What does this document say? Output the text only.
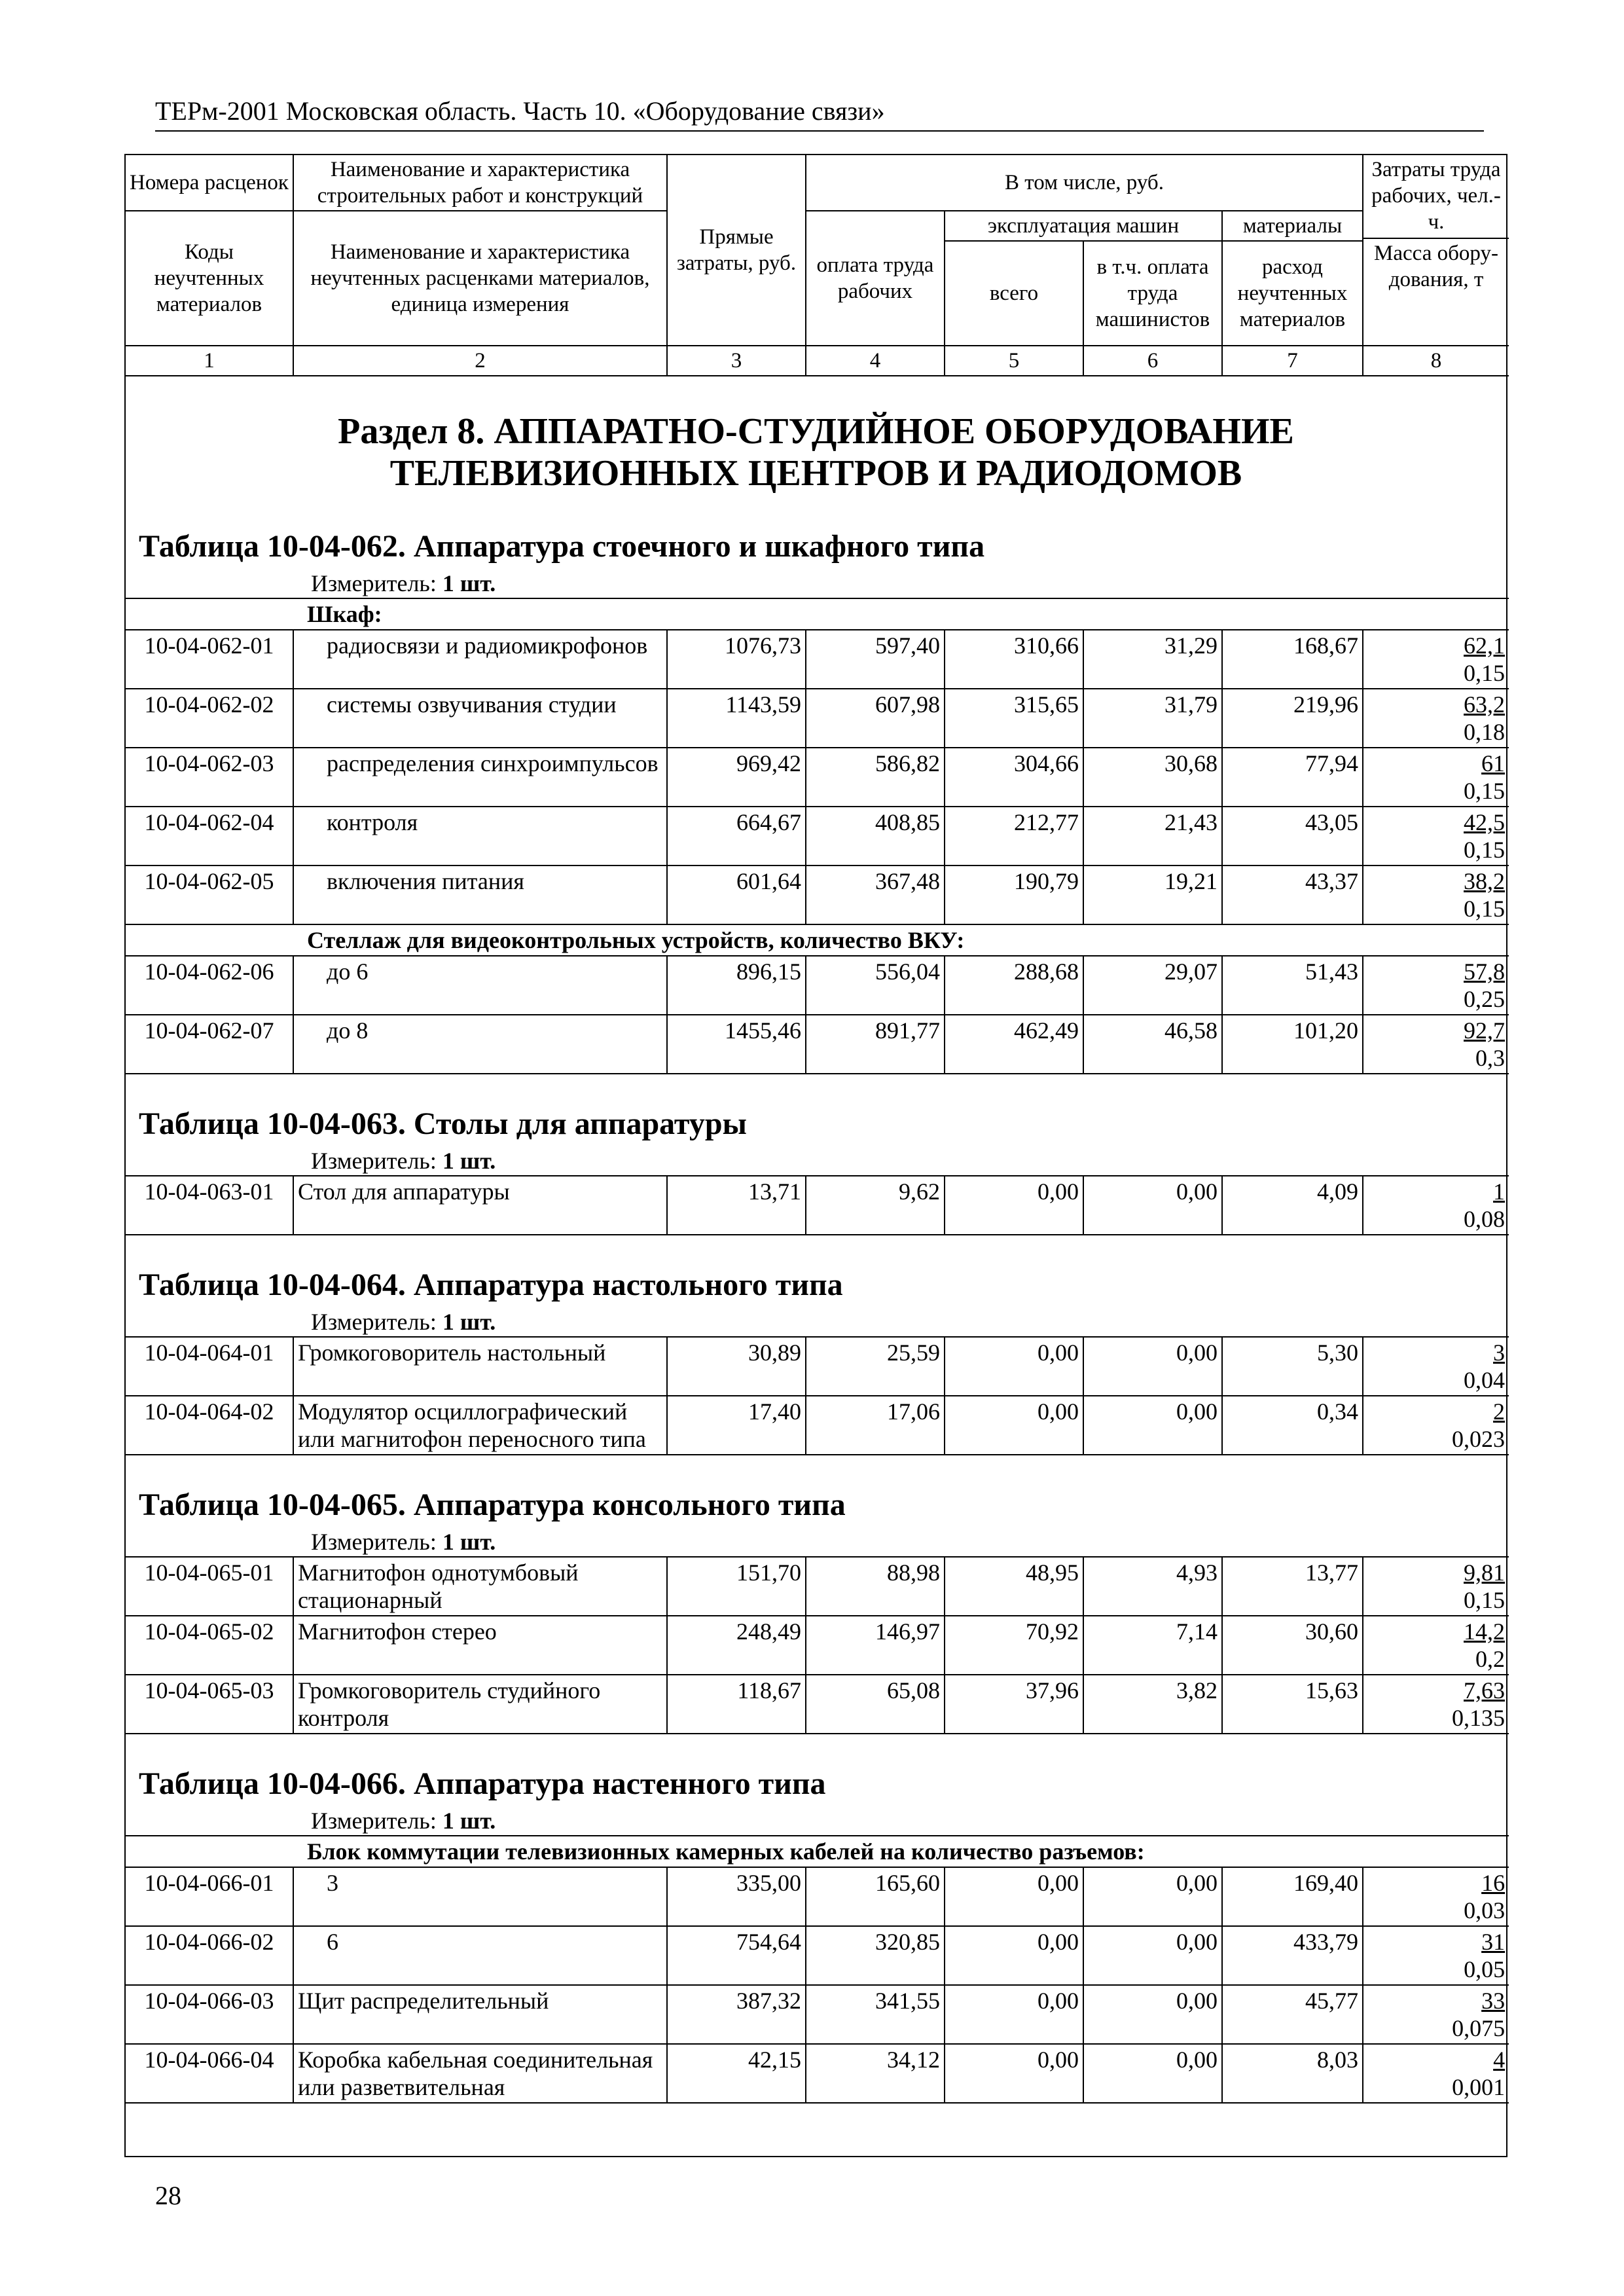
ТЕРм-2001 Московская область. Часть 10. «Оборудование связи»
Номера расценок	Наименование и характеристика строительных работ и конструкций	Прямые затраты, руб.	В том числе, руб.				Затраты труда рабочих, чел.-ч.
Масса обору-дования, т

Коды неучтенных материалов	Наименование и характеристика неучтенных расценками материалов, единица измерения		оплата труда рабочих	эксплуатация машин		материалы	
				всего	в т.ч. оплата труда машинистов	расход неучтенных материалов	
1	2	3	4	5	6	7	8
Раздел 8. АППАРАТНО-СТУДИЙНОЕ ОБОРУДОВАНИЕ
ТЕЛЕВИЗИОННЫХ ЦЕНТРОВ И РАДИОДОМОВ
Таблица 10-04-062. Аппаратура стоечного и шкафного типа
Измеритель: 1 шт.
Шкаф:							
10-04-062-01	радиосвязи и радиомикрофонов	1076,73	597,40	310,66	31,29	168,67	62,1
0,15

10-04-062-02	системы озвучивания студии	1143,59	607,98	315,65	31,79	219,96	63,2
0,18

10-04-062-03	распределения синхроимпульсов	969,42	586,82	304,66	30,68	77,94	61
0,15

10-04-062-04	контроля	664,67	408,85	212,77	21,43	43,05	42,5
0,15

10-04-062-05	включения питания	601,64	367,48	190,79	19,21	43,37	38,2
0,15

Стеллаж для видеоконтрольных устройств, количество ВКУ:							
10-04-062-06	до 6	896,15	556,04	288,68	29,07	51,43	57,8
0,25

10-04-062-07	до 8	1455,46	891,77	462,49	46,58	101,20	92,7
0,3
Таблица 10-04-063. Столы для аппаратуры
Измеритель: 1 шт.
10-04-063-01	Стол для аппаратуры	13,71	9,62	0,00	0,00	4,09	1
0,08
Таблица 10-04-064. Аппаратура настольного типа
Измеритель: 1 шт.
10-04-064-01	Громкоговоритель настольный	30,89	25,59	0,00	0,00	5,30	3
0,04

10-04-064-02	Модулятор осциллографический или магнитофон переносного типа	17,40	17,06	0,00	0,00	0,34	2
0,023
Таблица 10-04-065. Аппаратура консольного типа
Измеритель: 1 шт.
10-04-065-01	Магнитофон однотумбовый стационарный	151,70	88,98	48,95	4,93	13,77	9,81
0,15

10-04-065-02	Магнитофон стерео	248,49	146,97	70,92	7,14	30,60	14,2
0,2

10-04-065-03	Громкоговоритель студийного контроля	118,67	65,08	37,96	3,82	15,63	7,63
0,135
Таблица 10-04-066. Аппаратура настенного типа
Измеритель: 1 шт.
Блок коммутации телевизионных камерных кабелей на количество разъемов:							
10-04-066-01	3	335,00	165,60	0,00	0,00	169,40	16
0,03

10-04-066-02	6	754,64	320,85	0,00	0,00	433,79	31
0,05

10-04-066-03	Щит распределительный	387,32	341,55	0,00	0,00	45,77	33
0,075

10-04-066-04	Коробка кабельная соединительная или разветвительная	42,15	34,12	0,00	0,00	8,03	4
0,001
28
